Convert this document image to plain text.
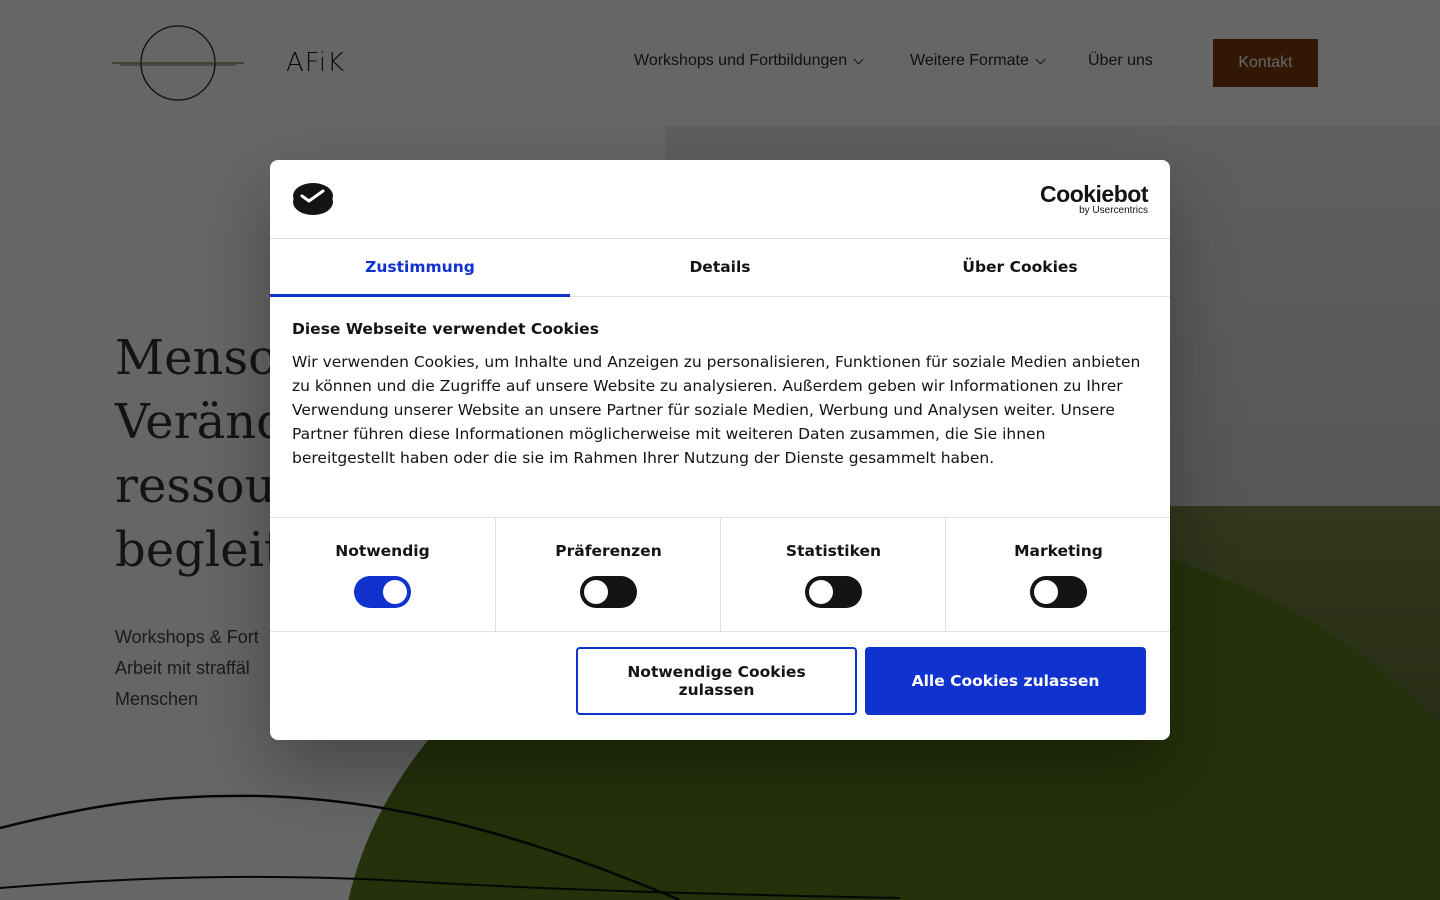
Cookiebot
by Usercentrics
Zustimmung	Details	Über Cookies
Diese Webseite verwendet Cookies
Wir verwenden Cookies, um Inhalte und Anzeigen zu personalisieren, Funktionen für soziale Medien anbieten zu können und die Zugriffe auf unsere Website zu analysieren. Außerdem geben wir Informationen zu Ihrer Verwendung unserer Website an unsere Partner für soziale Medien, Werbung und Analysen weiter. Unsere Partner führen diese Informationen möglicherweise mit weiteren Daten zusammen, die Sie ihnen bereitgestellt haben oder die sie im Rahmen Ihrer Nutzung der Dienste gesammelt haben.
Notwendig	Präferenzen	Statistiken	Marketing
Notwendige Cookies zulassen	Alle Cookies zulassen
